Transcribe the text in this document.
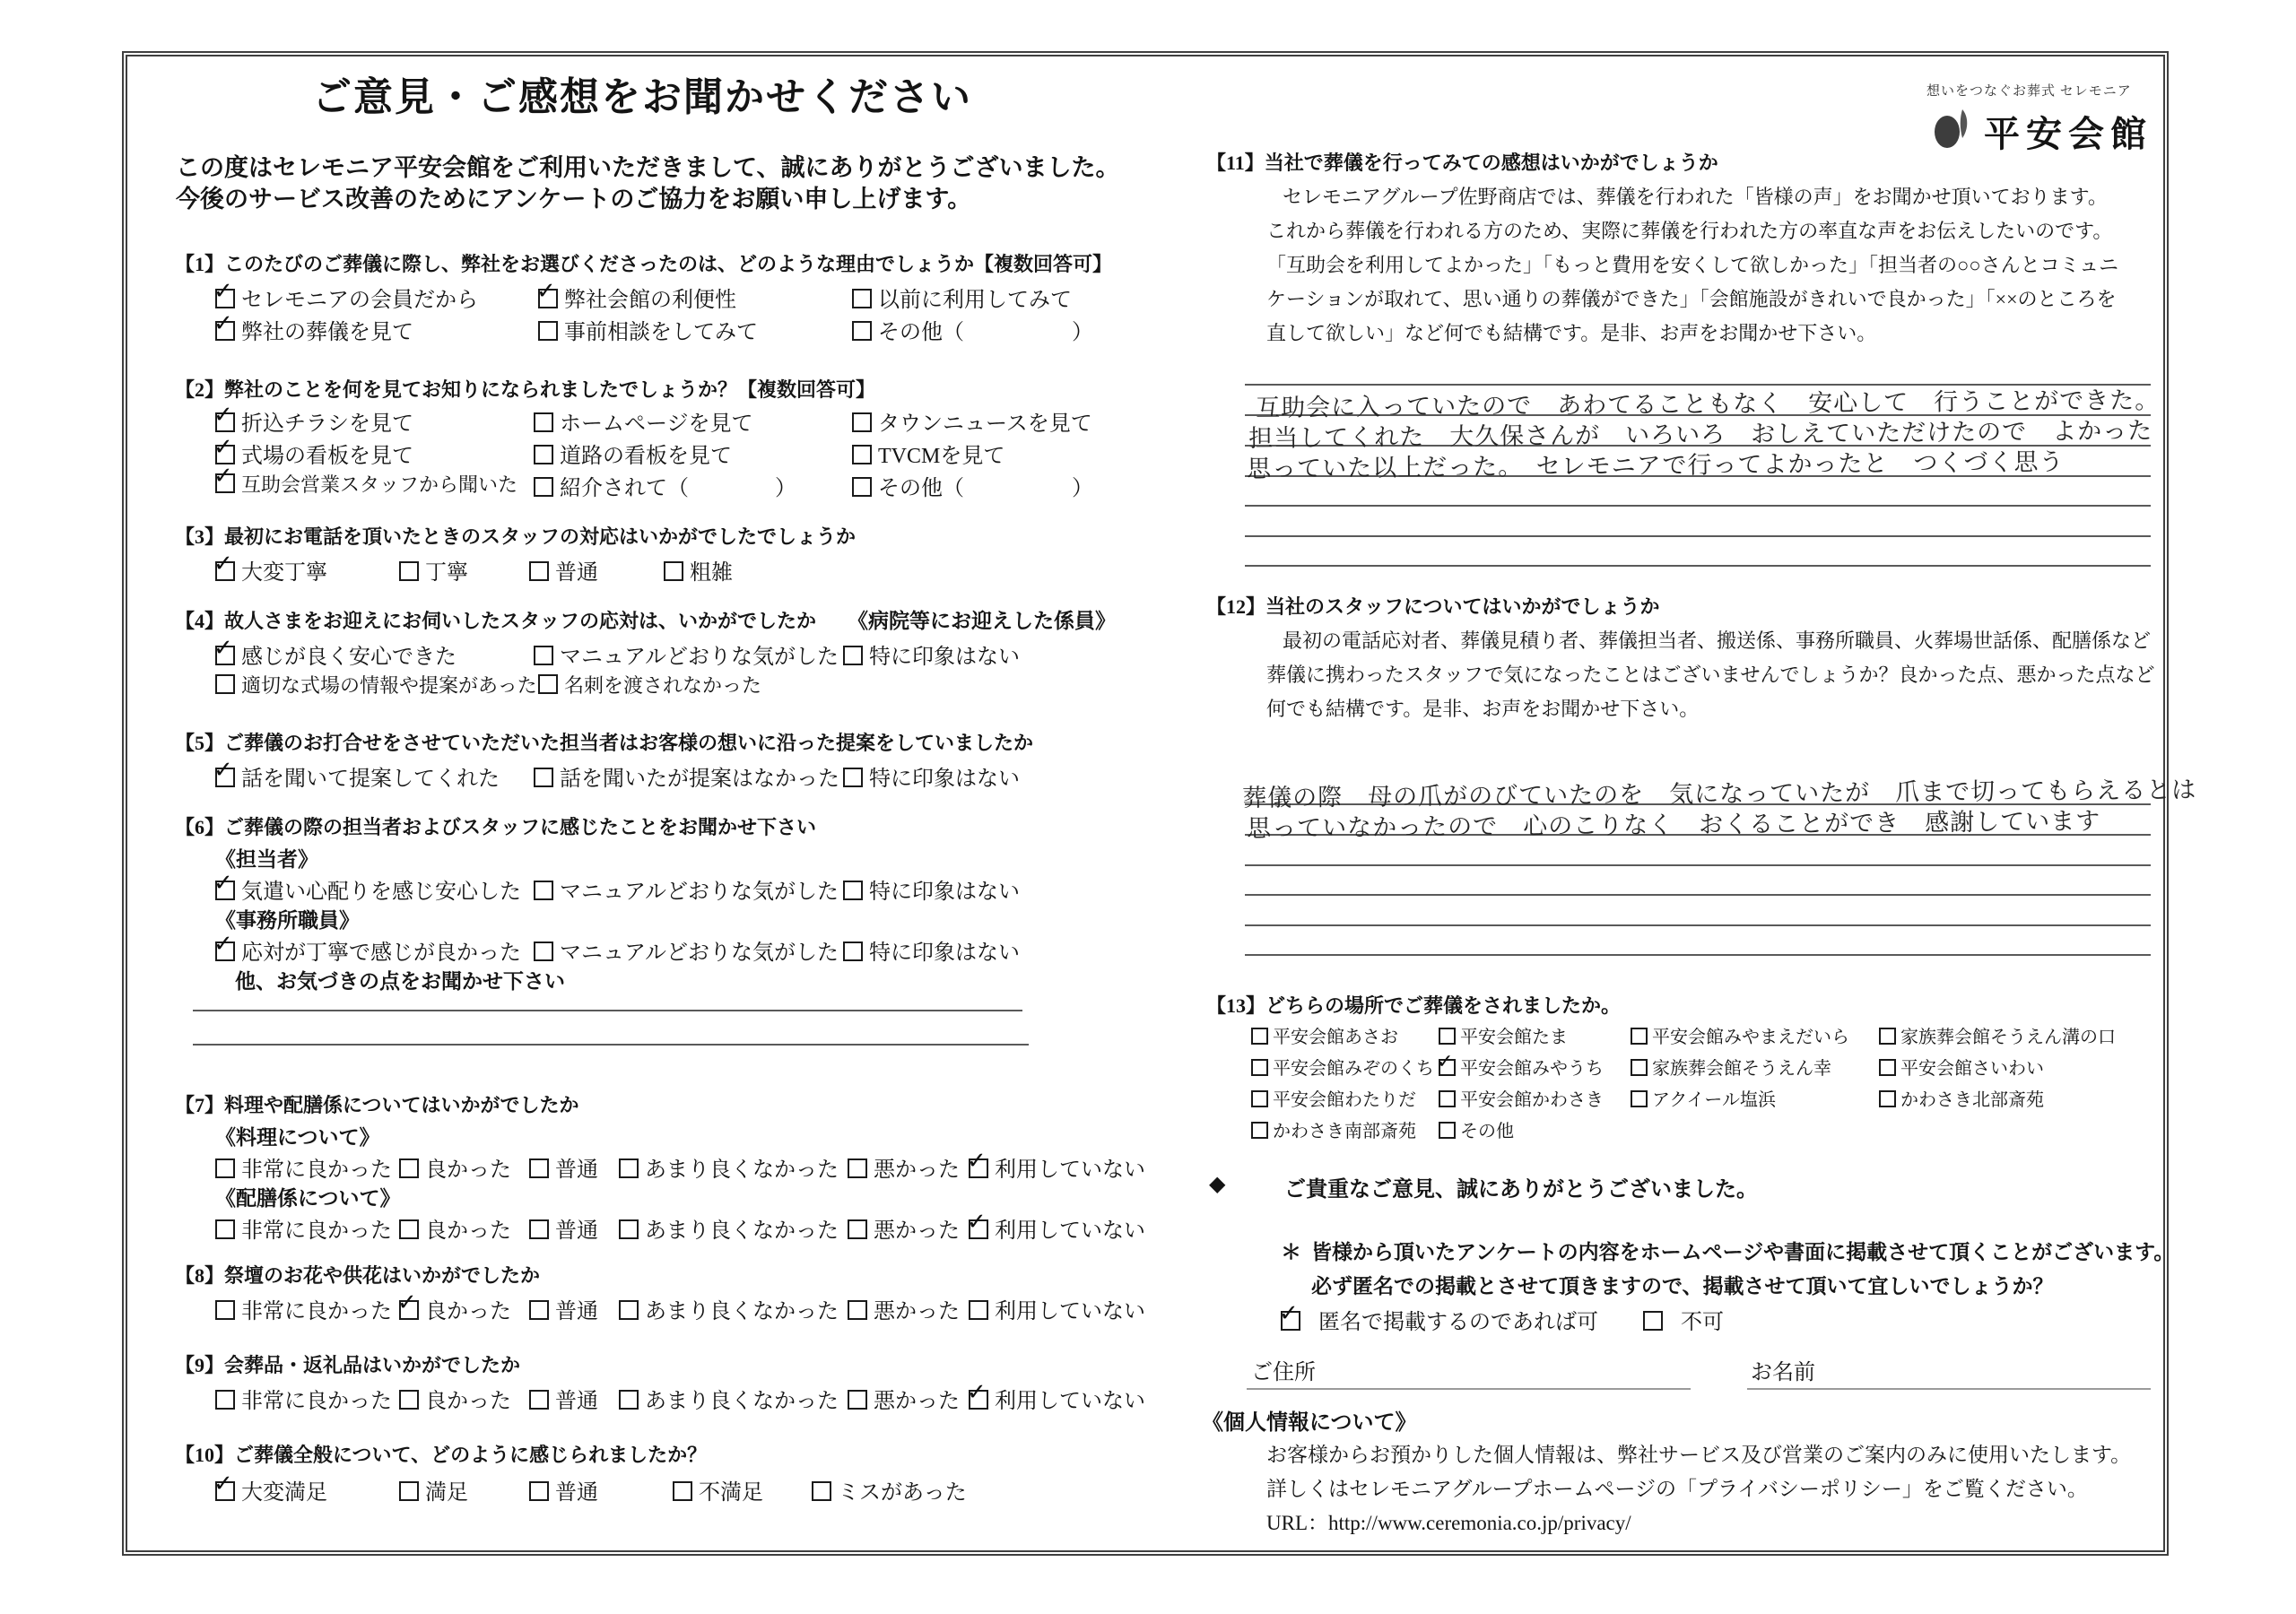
ご意見・ご感想をお聞かせください	想いをつなぐお葬式 セレモニア
平安会館
この度はセレモニア平安会館をご利用いただきまして、誠にありがとうございました。
今後のサービス改善のためにアンケートのご協力をお願い申し上げます。
【1】このたびのご葬儀に際し、弊社をお選びくださったのは、どのような理由でしょうか【複数回答可】
✓セレモニアの会員だから ✓	弊社会館の利便性	以前に利用してみて
✓弊社の葬儀を見て	事前相談をしてみて	その他（　　　　　）
【2】弊社のことを何を見てお知りになられましたでしょうか？【複数回答可】
✓折込チラシを見て	ホームページを見て	タウンニュースを見て
✓式場の看板を見て	道路の看板を見て	TVCMを見て
✓互助会営業スタッフから聞いた	紹介されて（　　　　）	その他（　　　　　）
【3】最初にお電話を頂いたときのスタッフの対応はいかがでしたでしょうか
✓大変丁寧	丁寧	普通	粗雑
【4】故人さまをお迎えにお伺いしたスタッフの応対は、いかがでしたか 《病院等にお迎えした係員》
✓感じが良く安心できた	マニュアルどおりな気がした	特に印象はない
適切な式場の情報や提案があった	名刺を渡されなかった
【5】ご葬儀のお打合せをさせていただいた担当者はお客様の想いに沿った提案をしていましたか
✓話を聞いて提案してくれた	話を聞いたが提案はなかった	特に印象はない
【6】ご葬儀の際の担当者およびスタッフに感じたことをお聞かせ下さい
《担当者》
✓気遣い心配りを感じ安心した	マニュアルどおりな気がした	特に印象はない
《事務所職員》
✓応対が丁寧で感じが良かった	マニュアルどおりな気がした	特に印象はない
他、お気づきの点をお聞かせ下さい
【7】料理や配膳係についてはいかがでしたか
《料理について》
非常に良かった	良かった	普通	あまり良くなかった	悪かった ✓	利用していない
《配膳係について》
非常に良かった	良かった	普通	あまり良くなかった	悪かった ✓	利用していない
【8】祭壇のお花や供花はいかがでしたか
非常に良かった ✓	良かった	普通	あまり良くなかった	悪かった	利用していない
【9】会葬品・返礼品はいかがでしたか
非常に良かった	良かった	普通	あまり良くなかった	悪かった ✓	利用していない
【10】ご葬儀全般について、どのように感じられましたか？
✓大変満足	満足	普通	不満足	ミスがあった
【11】当社で葬儀を行ってみての感想はいかがでしょうか
セレモニアグループ佐野商店では、葬儀を行われた「皆様の声」をお聞かせ頂いております。
これから葬儀を行われる方のため、実際に葬儀を行われた方の率直な声をお伝えしたいのです。
「互助会を利用してよかった」「もっと費用を安くして欲しかった」「担当者の○○さんとコミュニ
ケーションが取れて、思い通りの葬儀ができた」「会館施設がきれいで良かった」「××のところを
直して欲しい」など何でも結構です。是非、お声をお聞かせ下さい。
互助会に入っていたので　あわてることもなく　安心して　行うことができた。
担当してくれた　大久保さんが　いろいろ　おしえていただけたので　よかった
思っていた以上だった。　セレモニアで行ってよかったと　つくづく思う
【12】当社のスタッフについてはいかがでしょうか
最初の電話応対者、葬儀見積り者、葬儀担当者、搬送係、事務所職員、火葬場世話係、配膳係など
葬儀に携わったスタッフで気になったことはございませんでしょうか？良かった点、悪かった点など
何でも結構です。是非、お声をお聞かせ下さい。
葬儀の際　母の爪がのびていたのを　気になっていたが　爪まで切ってもらえるとは
思っていなかったので　心のこりなく　おくることができ　感謝しています
【13】どちらの場所でご葬儀をされましたか。
平安会館あさお	平安会館たま	平安会館みやまえだいら	家族葬会館そうえん溝の口
平安会館みぞのくち ✓	平安会館みやうち	家族葬会館そうえん幸	平安会館さいわい
平安会館わたりだ	平安会館かわさき	アクイール塩浜	かわさき北部斎苑
かわさき南部斎苑	その他
◆	ご貴重なご意見、誠にありがとうございました。
＊ 皆様から頂いたアンケートの内容をホームページや書面に掲載させて頂くことがございます。
必ず匿名での掲載とさせて頂きますので、掲載させて頂いて宜しいでしょうか？
✓匿名で掲載するのであれば可	不可
ご住所	お名前
《個人情報について》
お客様からお預かりした個人情報は、弊社サービス及び営業のご案内のみに使用いたします。
詳しくはセレモニアグループホームページの「プライバシーポリシー」をご覧ください。
URL：http://www.ceremonia.co.jp/privacy/
